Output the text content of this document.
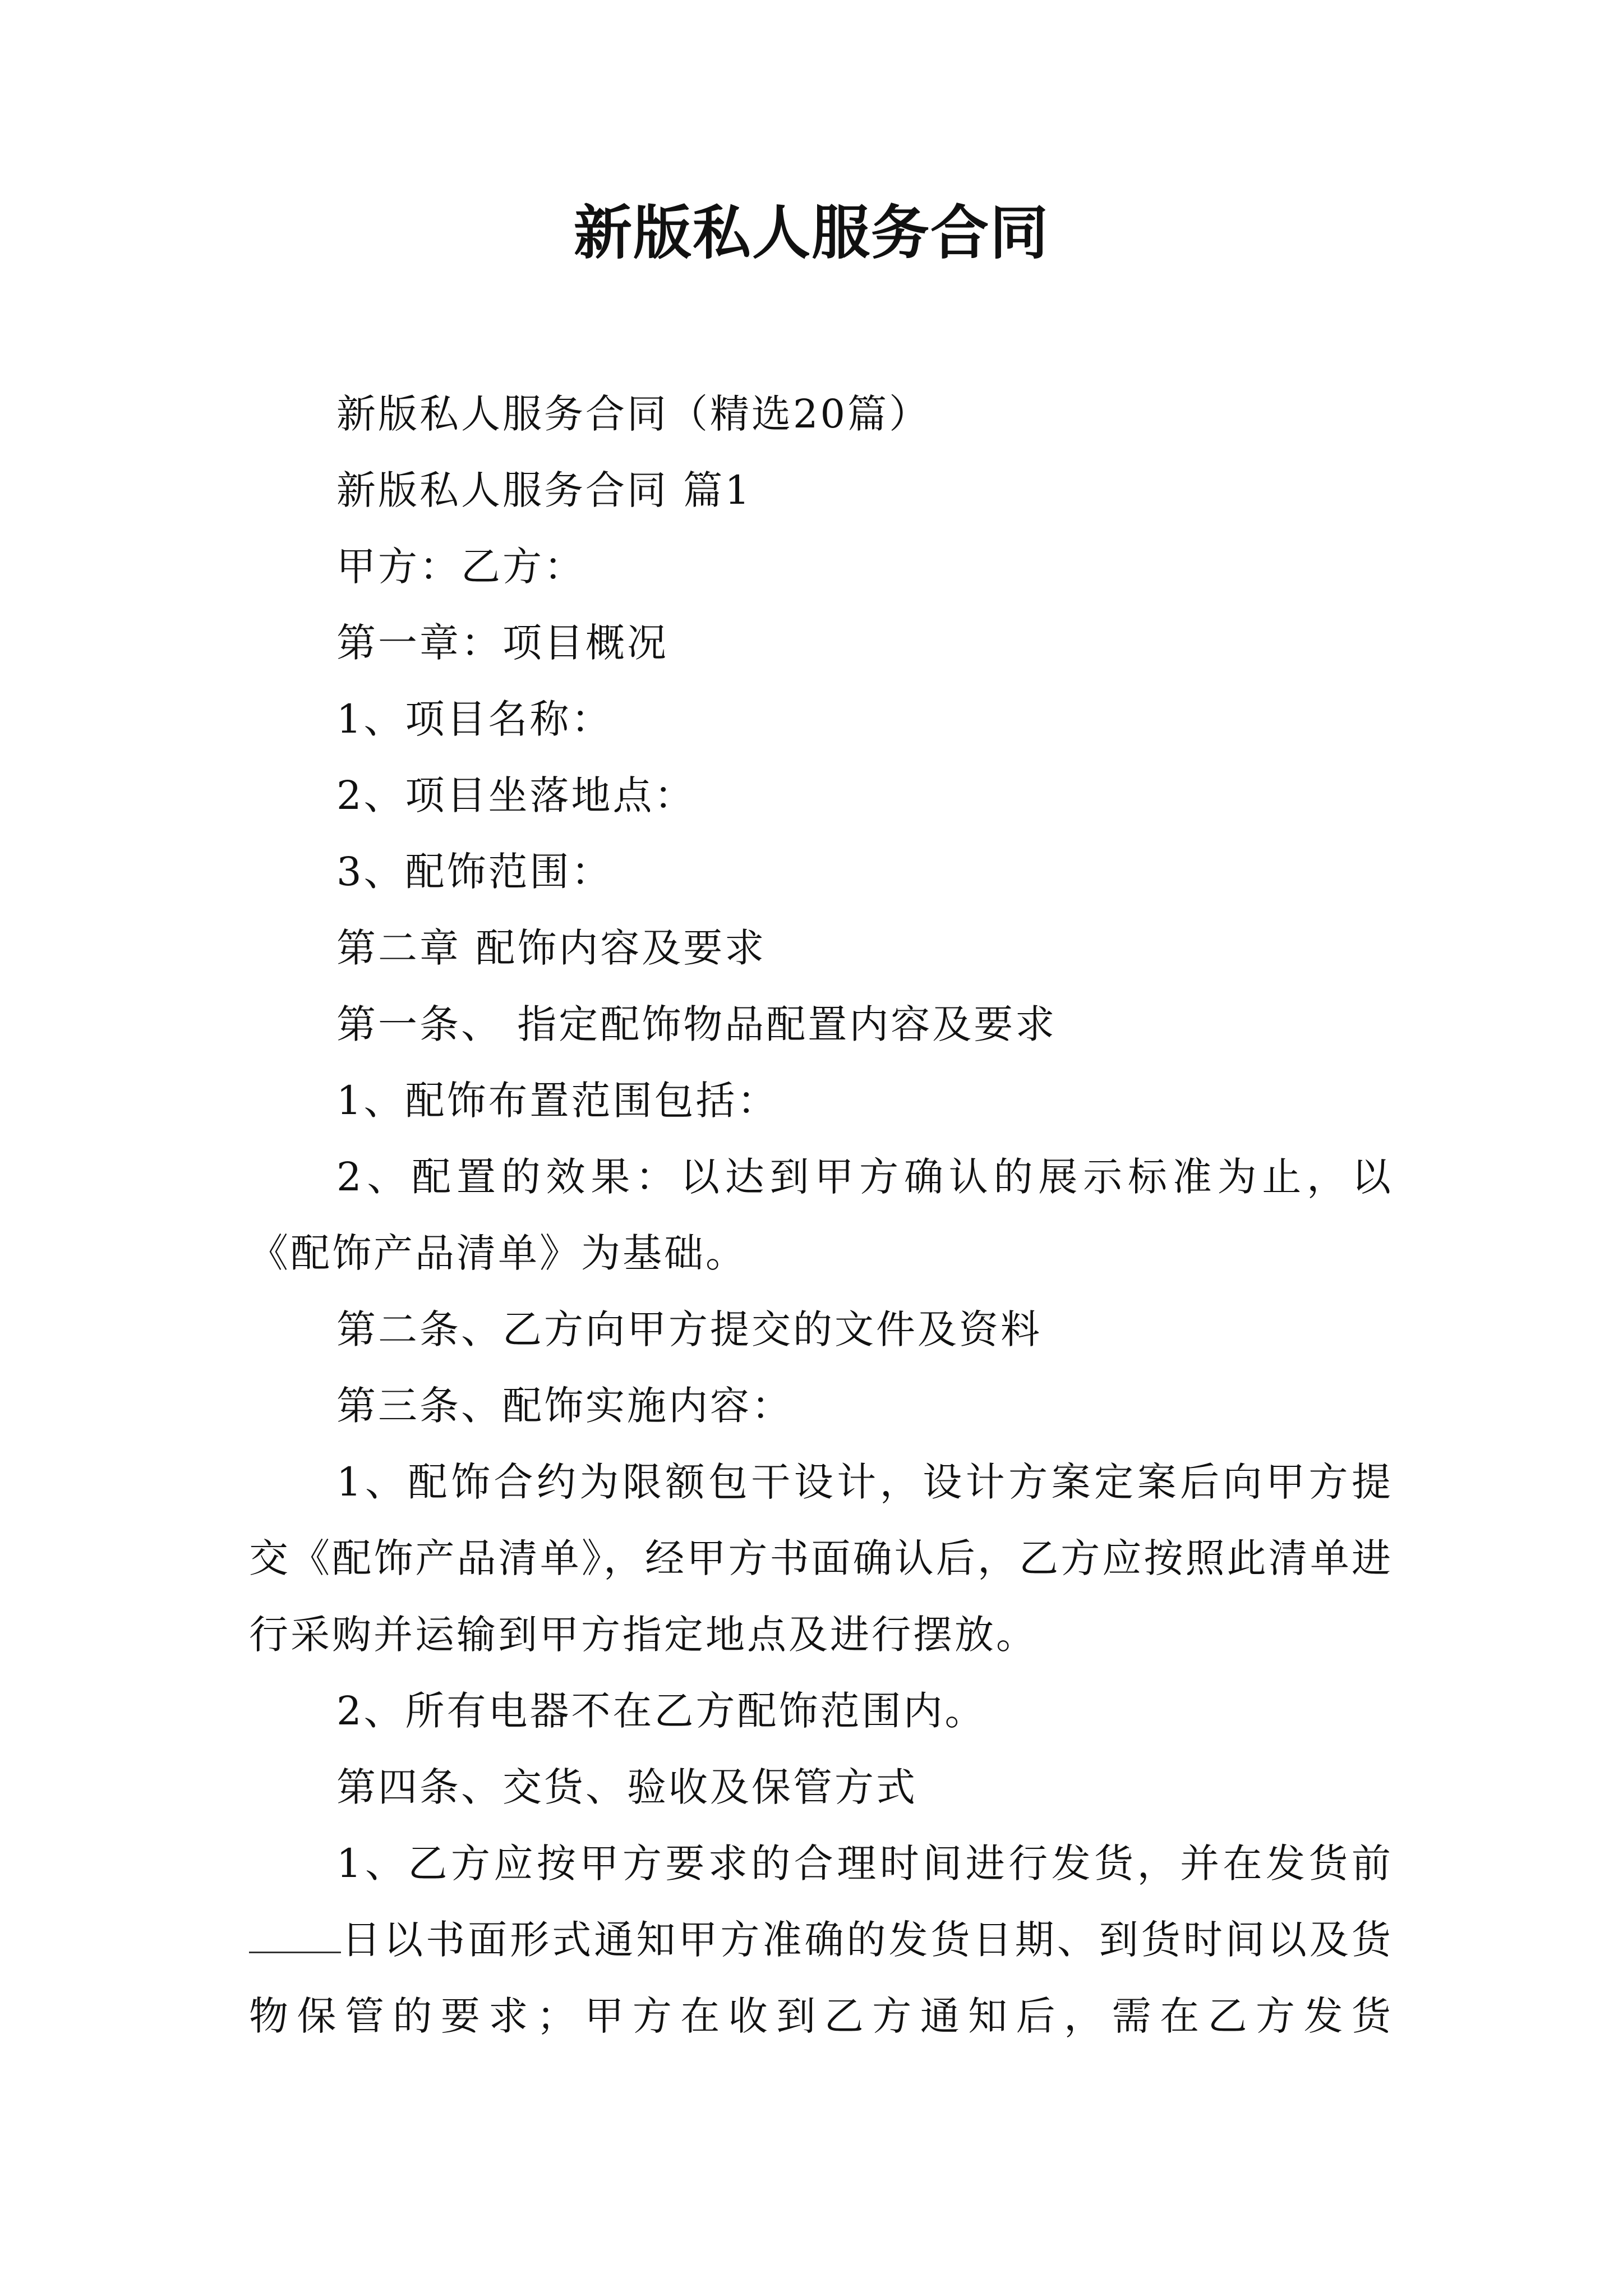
新版私人服务合同

新版私人服务合同（精选20篇）

新版私人服务合同 篇1

甲方：乙方：

第一章：项目概况

1、项目名称：

2、项目坐落地点：

3、配饰范围：

第二章 配饰内容及要求

第一条、 指定配饰物品配置内容及要求

1、配饰布置范围包括：

2、配置的效果：以达到甲方确认的展示标准为止，以《配饰产品清单》为基础。

第二条、乙方向甲方提交的文件及资料

第三条、配饰实施内容：

1、配饰合约为限额包干设计，设计方案定案后向甲方提交《配饰产品清单》，经甲方书面确认后，乙方应按照此清单进行采购并运输到甲方指定地点及进行摆放。

2、所有电器不在乙方配饰范围内。

第四条、交货、验收及保管方式

1、乙方应按甲方要求的合理时间进行发货，并在发货前日以书面形式通知甲方准确的发货日期、到货时间以及货物保管的要求；甲方在收到乙方通知后，需在乙方发货
